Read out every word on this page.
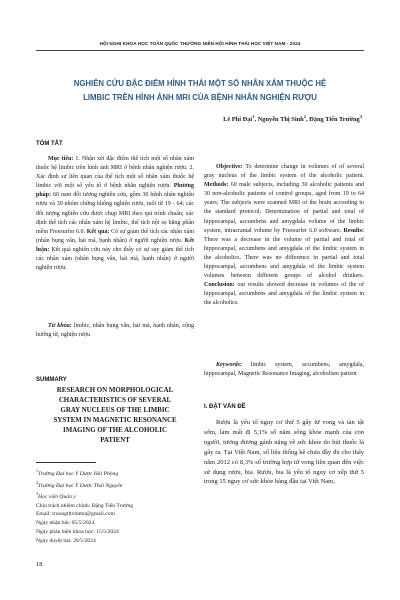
HỘI NGHỊ KHOA HỌC TOÀN QUỐC THƯỜNG NIÊN HỘI HÌNH THÁI HỌC VIỆT NAM - 2024
NGHIÊN CỨU ĐẶC ĐIỂM HÌNH THÁI MỘT SỐ NHÂN XÁM THUỘC HỆ
LIMBIC TRÊN HÌNH ẢNH MRI CỦA BỆNH NHÂN NGHIỆN RƯỢU
Lê Phi Đại$^1$, Nguyễn Thị Sinh$^2$, Đặng Tiến Trường$^3$
TÓM TẮT

Mục tiêu: 1. Nhận xét đặc điểm thể tích một số nhân xám thuộc hệ limbic trên hình ảnh MRI ở bệnh nhân nghiện rượu. 2. Xác định sự liên quan của thể tích một số nhân xám thuộc hệ limbic với một số yếu tố ở bệnh nhân nghiện rượu. Phương pháp: 60 nam đối tượng nghiên cứu, gồm 30 bệnh nhân nghiện rượu và 30 nhóm chứng không nghiện rượu, tuổi từ 19 - 64; các đối tượng nghiên cứu được chụp MRI theo qui trình chuẩn; xác định thể tích các nhân xám hệ limbic, thể tích nội sọ bằng phần mềm Freesurfer 6.0. Kết quả: Có sự giảm thể tích các nhân xám (nhân bụng vân, hải mã, hạnh nhân) ở người nghiện rượu. Kết luận: Kết quả nghiên cứu này cho thấy có sự suy giảm thể tích các nhân xám (nhân bụng vân, hải mã, hạnh nhân) ở người nghiện rượu.

Từ khóa: limbic, nhân bụng vân, hải mã, hạnh nhân, cộng hưởng từ, nghiện rượu

SUMMARY
RESEARCH ON MORPHOLOGICAL
CHARACTERISTICS OF SEVERAL
GRAY NUCLEUS OF THE LIMBIC
SYSTEM IN MAGNETIC RESONANCE
IMAGING OF THE ALCOHOLIC
PATIENT
$^1$Trường Đại học Y Dược Hải Phòng
$^2$Trường Đại học Y Dược Thái Nguyên
$^3$Học viện Quân y
Chịu trách nhiệm chính: Đặng Tiến Trường
Email: truongtltvmmu@gmail.com
Ngày nhận bài: 05/5/2024
Ngày phản biện khoa học: 15/5/2024
Ngày duyệt bài: 26/5/2024

Objective: To determine change in volumes of of several gray nucleus of the limbic system of the alcoholic patient. Methods: 60 male subjects, including 30 alcoholic patients and 30 non-alcoholic patients of control groups, aged from 19 to 64 years; The subjects were scanned MRI of the brain according to the standard protocol; Determination of partial and total of hippocampal, accumbens and amygdala volume of the limbic system, intracranial volume by Freesurfer 6.0 software. Results: There was a decrease in the volume of partial and total of hippocampal, accumbens and amygdala of the limbic system in the alcoholics. There was no difference in partial and total hippocampal, accumbens and amygdala of the limbic system volumes between different groups of alcohol drinkers. Conclusion: our results showed decrease in volumes of the of hippocampal, accumbens and amygdala of the limbic system in the alcoholics.

Keywords: limbic system, accumbens, amygdala, hippocampal, Magnetic Resonance Imaging, alcoholism patient

I. ĐẶT VẤN ĐỀ

Rượu là yếu tố nguy cơ thứ 5 gây tử vong và tàn tật sớm, làm mất đi 5,1% số năm sống khỏe mạnh của con người, tương đương gánh nặng về sức khỏe do hút thuốc lá gây ra. Tại Việt Nam, số liệu thống kê chưa đầy đủ cho thấy năm 2012 có 8,3% số trường hợp tử vong liên quan đến việc sử dụng rượu, bia. Rượu, bia là yếu tố nguy cơ xếp thứ 5 trong 15 nguy cơ sức khỏe hàng đầu tại Việt Nam,

18
